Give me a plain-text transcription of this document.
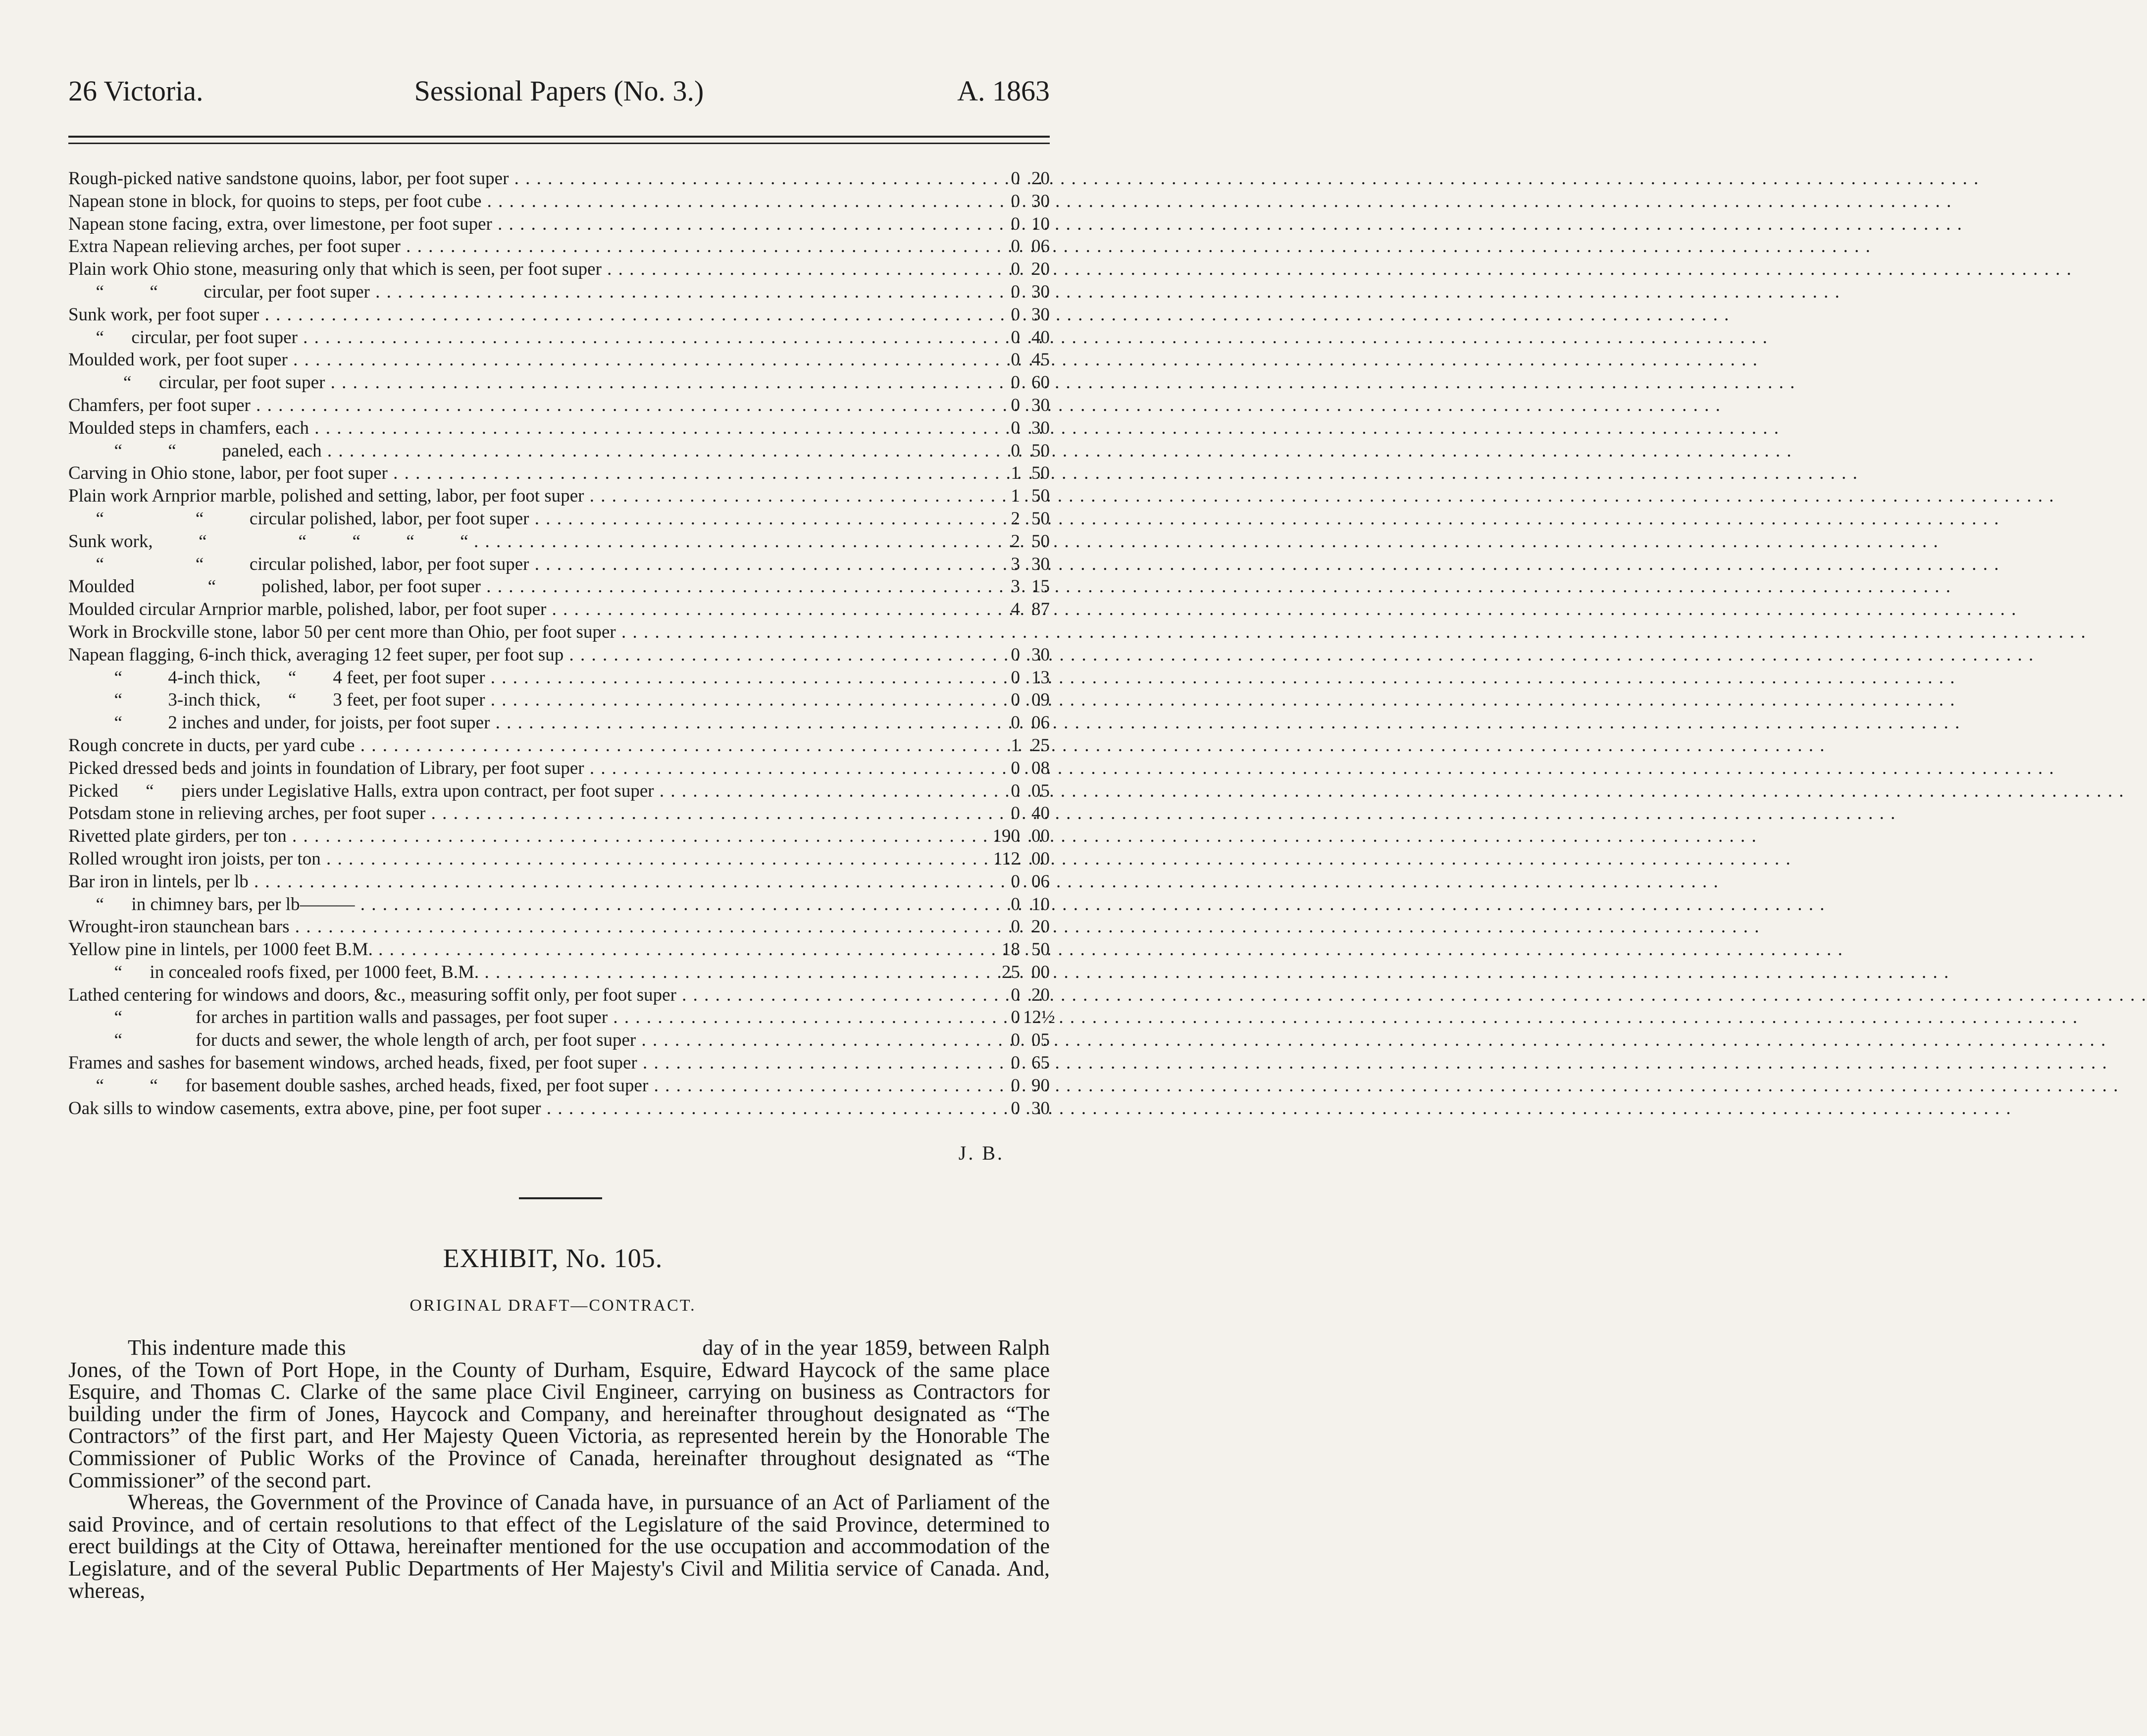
26 Victoria.	Sessional Papers (No. 3.)	A. 1863
Rough-picked native sandstone quoins, labor, per foot super . . .	0 20
Napean stone in block, for quoins to steps, per foot cube . . .	0 30
Napean stone facing, extra, over limestone, per foot super . . .	0 10
Extra Napean relieving arches, per foot super . . .	0 06
Plain work Ohio stone, measuring only that which is seen, per foot super . . .	0 20
“          “          circular, per foot super . . .	0 30
Sunk work, per foot super . . .	0 30
“      circular, per foot super . . .	0 40
Moulded work, per foot super . . .	0 45
“      circular, per foot super . . .	0 60
Chamfers, per foot super . . .	0 30
Moulded steps in chamfers, each . . .	0 30
“          “          paneled, each . . .	0 50
Carving in Ohio stone, labor, per foot super . . .	1 50
Plain work Arnprior marble, polished and setting, labor, per foot super . . .	1 50
“                    “          circular polished, labor, per foot super . . .	2 50
Sunk work,          “                    “          “          “          “ . . .	2 50
“                    “          circular polished, labor, per foot super . . .	3 30
Moulded                “          polished, labor, per foot super . . .	3 15
Moulded circular Arnprior marble, polished, labor, per foot super . . .	4 87
Work in Brockville stone, labor 50 per cent more than Ohio, per foot super . . .
Napean flagging, 6-inch thick, averaging 12 feet super, per foot sup . . .	0 30
“          4-inch thick,      “        4 feet, per foot super . . .	0 13
“          3-inch thick,      “        3 feet, per foot super . . .	0 09
“          2 inches and under, for joists, per foot super . . .	0 06
Rough concrete in ducts, per yard cube . . .	1 25
Picked dressed beds and joints in foundation of Library, per foot super . . .	0 08
Picked      “      piers under Legislative Halls, extra upon contract, per foot super . . .	0 05
Potsdam stone in relieving arches, per foot super . . .	0 40
Rivetted plate girders, per ton . . .	190 00
Rolled wrought iron joists, per ton . . .	112 00
Bar iron in lintels, per lb . . .	0 06
“      in chimney bars, per lb——— . . .	0 10
Wrought-iron staunchean bars . . .	0 20
Yellow pine in lintels, per 1000 feet B.M. . . .	18 50
“      in concealed roofs fixed, per 1000 feet, B.M. . . .	25 00
Lathed centering for windows and doors, &c., measuring soffit only, per foot super . . .	0 20
“                for arches in partition walls and passages, per foot super . . .	0 12½
“                for ducts and sewer, the whole length of arch, per foot super . . .	0 05
Frames and sashes for basement windows, arched heads, fixed, per foot super . . .	0 65
“          “      for basement double sashes, arched heads, fixed, per foot super . . .	0 90
Oak sills to window casements, extra above, pine, per foot super . . .	0 30
J. B.
EXHIBIT, No. 105.
ORIGINAL DRAFT—CONTRACT.

This indenture made this	day of in the year 1859, between Ralph Jones, of the Town of Port Hope, in the County of Durham, Esquire, Edward Haycock of the same place Esquire, and Thomas C. Clarke of the same place Civil Engineer, carrying on business as Contractors for building under the firm of Jones, Haycock and Company, and hereinafter throughout designated as “The Contractors” of the first part, and Her Majesty Queen Victoria, as represented herein by the Honorable The Commissioner of Public Works of the Province of Canada, hereinafter throughout designated as “The Commissioner” of the second part.

Whereas, the Government of the Province of Canada have, in pursuance of an Act of Parliament of the said Province, and of certain resolutions to that effect of the Legislature of the said Province, determined to erect buildings at the City of Ottawa, hereinafter mentioned for the use occupation and accommodation of the Legislature, and of the several Public Departments of Her Majesty's Civil and Militia service of Canada. And, whereas,
